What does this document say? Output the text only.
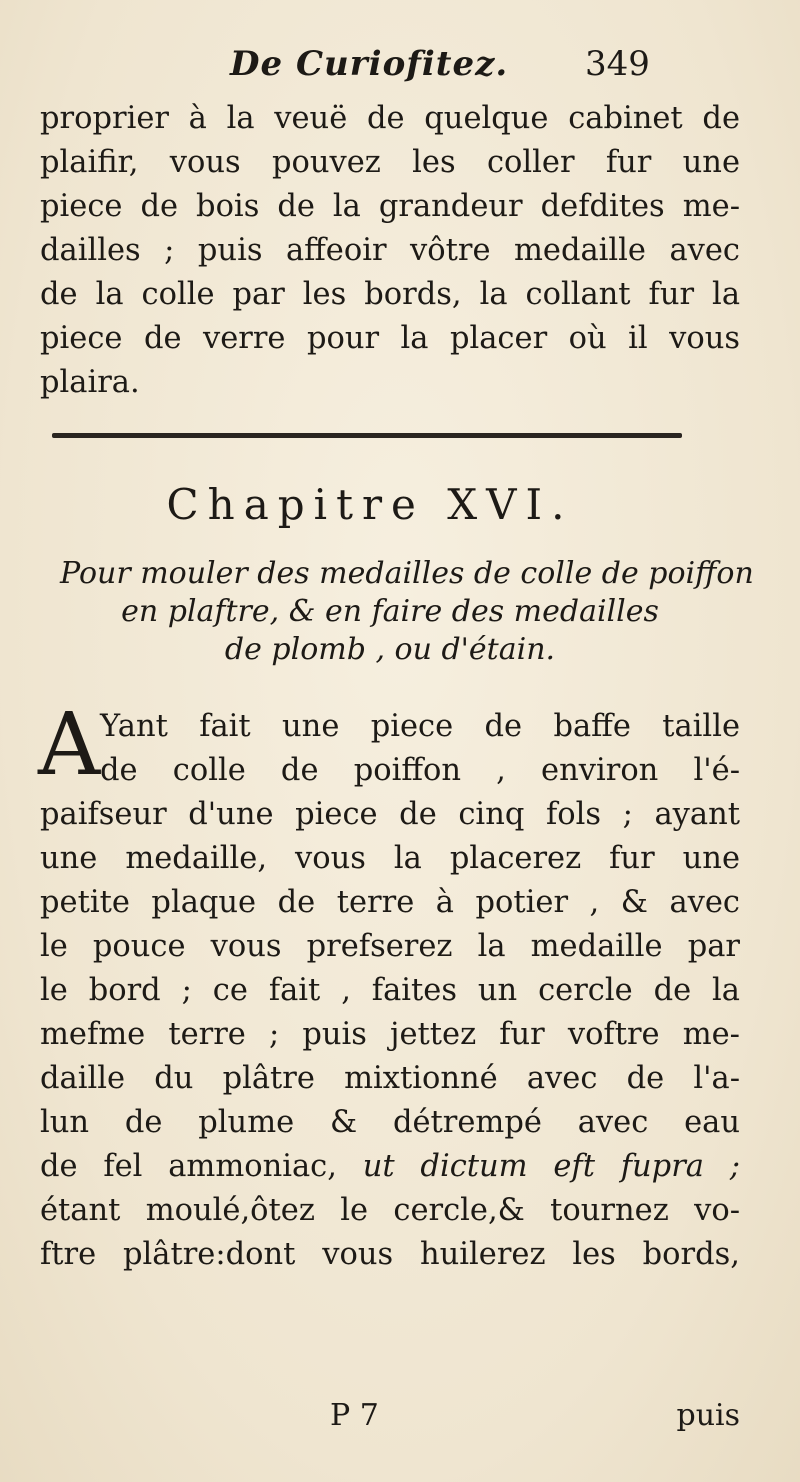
De Curiofitez. 349
proprier à la veuë de quelque cabinet de
plaifir, vous pouvez les coller fur une
piece de bois de la grandeur defdites me-
dailles ; puis affeoir vôtre medaille avec
de la colle par les bords, la collant fur la
piece de verre pour la placer où il vous
plaira.
Chapitre XVI.
Pour mouler des medailles de colle de poiffon
en plaftre, & en faire des medailles
de plomb , ou d'étain.
A Yant fait une piece de baffe taille
de colle de poiffon , environ l'é-
paifseur d'une piece de cinq fols ; ayant
une medaille, vous la placerez fur une
petite plaque de terre à potier , & avec
le pouce vous prefserez la medaille par
le bord ; ce fait , faites un cercle de la
mefme terre ; puis jettez fur voftre me-
daille du plâtre mixtionné avec de l'a-
lun de plume & détrempé avec eau
de fel ammoniac, ut dictum eft fupra ;
étant moulé,ôtez le cercle,& tournez vo-
ftre plâtre:dont vous huilerez les bords,
P 7	puis
